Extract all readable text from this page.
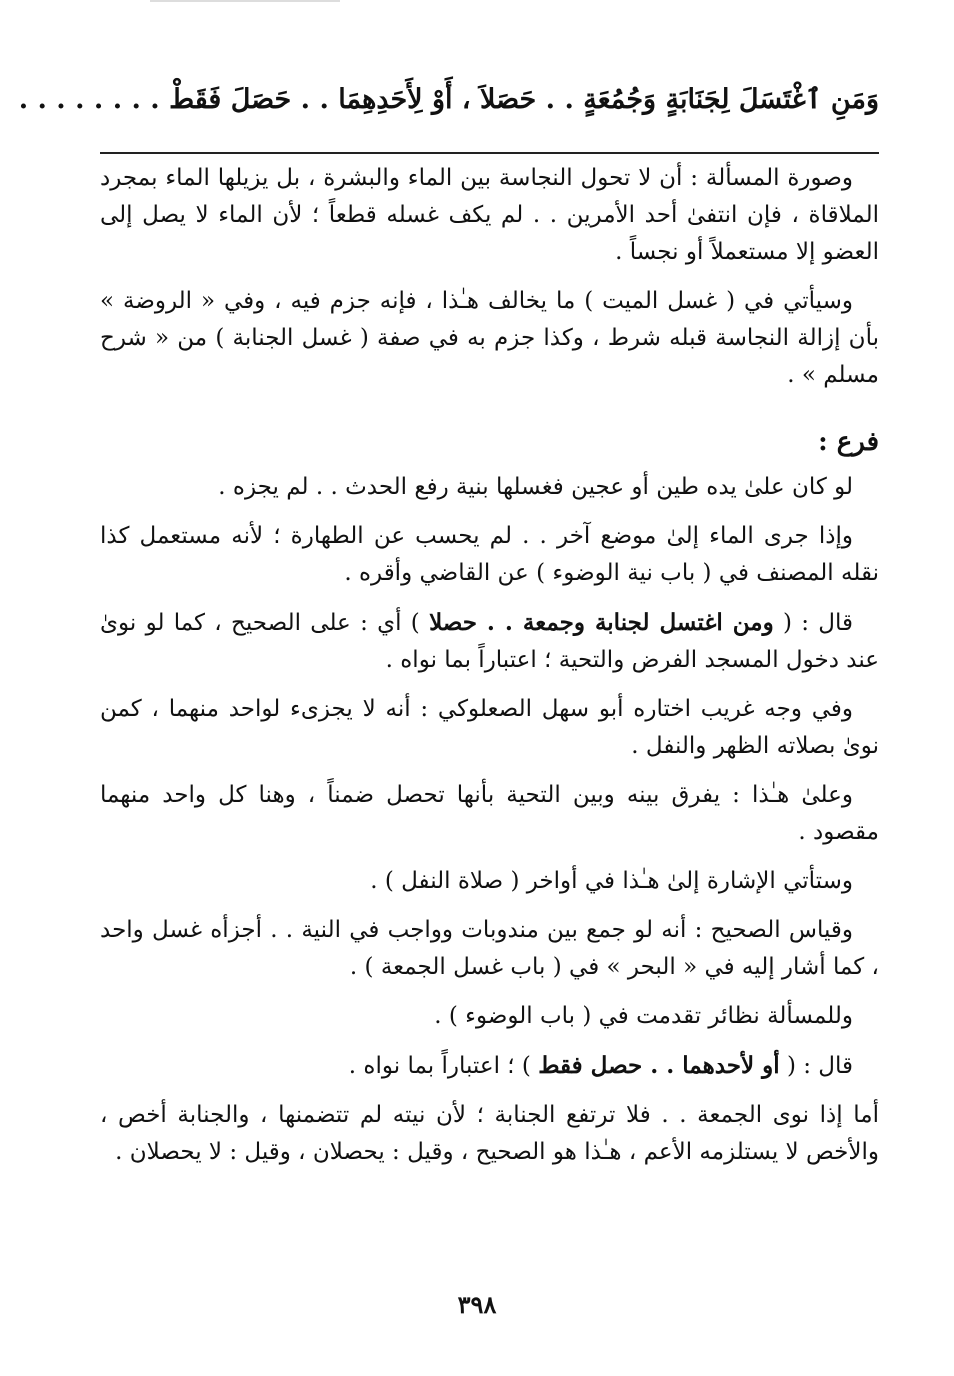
وَمَنِ ٱغْتَسَلَ لِجَنَابَةٍ وَجُمُعَةٍ . . حَصَلاَ ، أَوْ لِأَحَدِهِمَا . . حَصَلَ فَقَطْ . . . . . . . .

وصورة المسألة : أن لا تحول النجاسة بين الماء والبشرة ، بل يزيلها الماء بمجرد الملاقاة ، فإن انتفىٰ أحد الأمرين . . لم يكف غسله قطعاً ؛ لأن الماء لا يصل إلى العضو إلا مستعملاً أو نجساً .

وسيأتي في ( غسل الميت ) ما يخالف هـٰذا ، فإنه جزم فيه ، وفي « الروضة » بأن إزالة النجاسة قبله شرط ، وكذا جزم به في صفة ( غسل الجنابة ) من « شرح مسلم » .

فرع :

لو كان علىٰ يده طين أو عجين فغسلها بنية رفع الحدث . . لم يجزه .

وإذا جرى الماء إلىٰ موضع آخر . . لم يحسب عن الطهارة ؛ لأنه مستعمل كذا نقله المصنف في ( باب نية الوضوء ) عن القاضي وأقره .

قال : ( ومن اغتسل لجنابة وجمعة . . حصلا ) أي : على الصحيح ، كما لو نوىٰ عند دخول المسجد الفرض والتحية ؛ اعتباراً بما نواه .

وفي وجه غريب اختاره أبو سهل الصعلوكي : أنه لا يجزىء لواحد منهما ، كمن نوىٰ بصلاته الظهر والنفل .

وعلىٰ هـٰذا : يفرق بينه وبين التحية بأنها تحصل ضمناً ، وهنا كل واحد منهما مقصود .

وستأتي الإشارة إلىٰ هـٰذا في أواخر ( صلاة النفل ) .

وقياس الصحيح : أنه لو جمع بين مندوبات وواجب في النية . . أجزأه غسل واحد ، كما أشار إليه في « البحر » في ( باب غسل الجمعة ) .

وللمسألة نظائر تقدمت في ( باب الوضوء ) .

قال : ( أو لأحدهما . . حصل فقط ) ؛ اعتباراً بما نواه .

أما إذا نوى الجمعة . . فلا ترتفع الجنابة ؛ لأن نيته لم تتضمنها ، والجنابة أخص ، والأخص لا يستلزمه الأعم ، هـٰذا هو الصحيح ، وقيل : يحصلان ، وقيل : لا يحصلان .

٣٩٨
